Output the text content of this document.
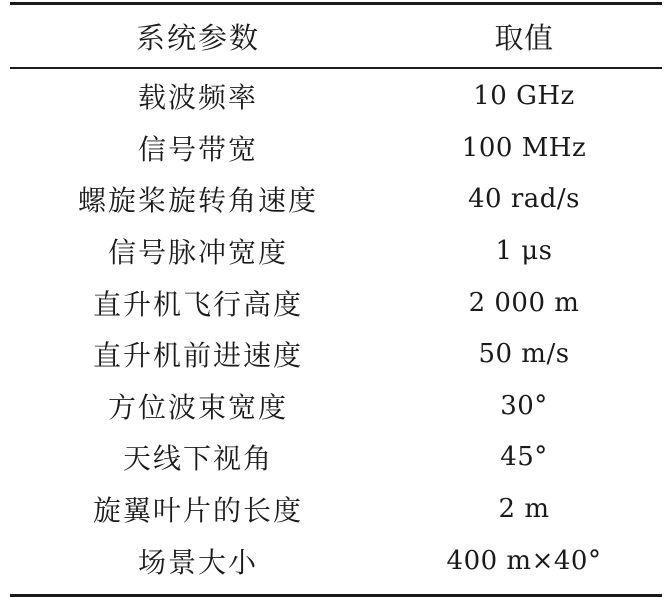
系统参数	取值
载波频率	10 GHz
信号带宽	100 MHz
螺旋桨旋转角速度	40 rad/s
信号脉冲宽度	1 μs
直升机飞行高度	2 000 m
直升机前进速度	50 m/s
方位波束宽度	30°
天线下视角	45°
旋翼叶片的长度	2 m
场景大小	400 m×40°
